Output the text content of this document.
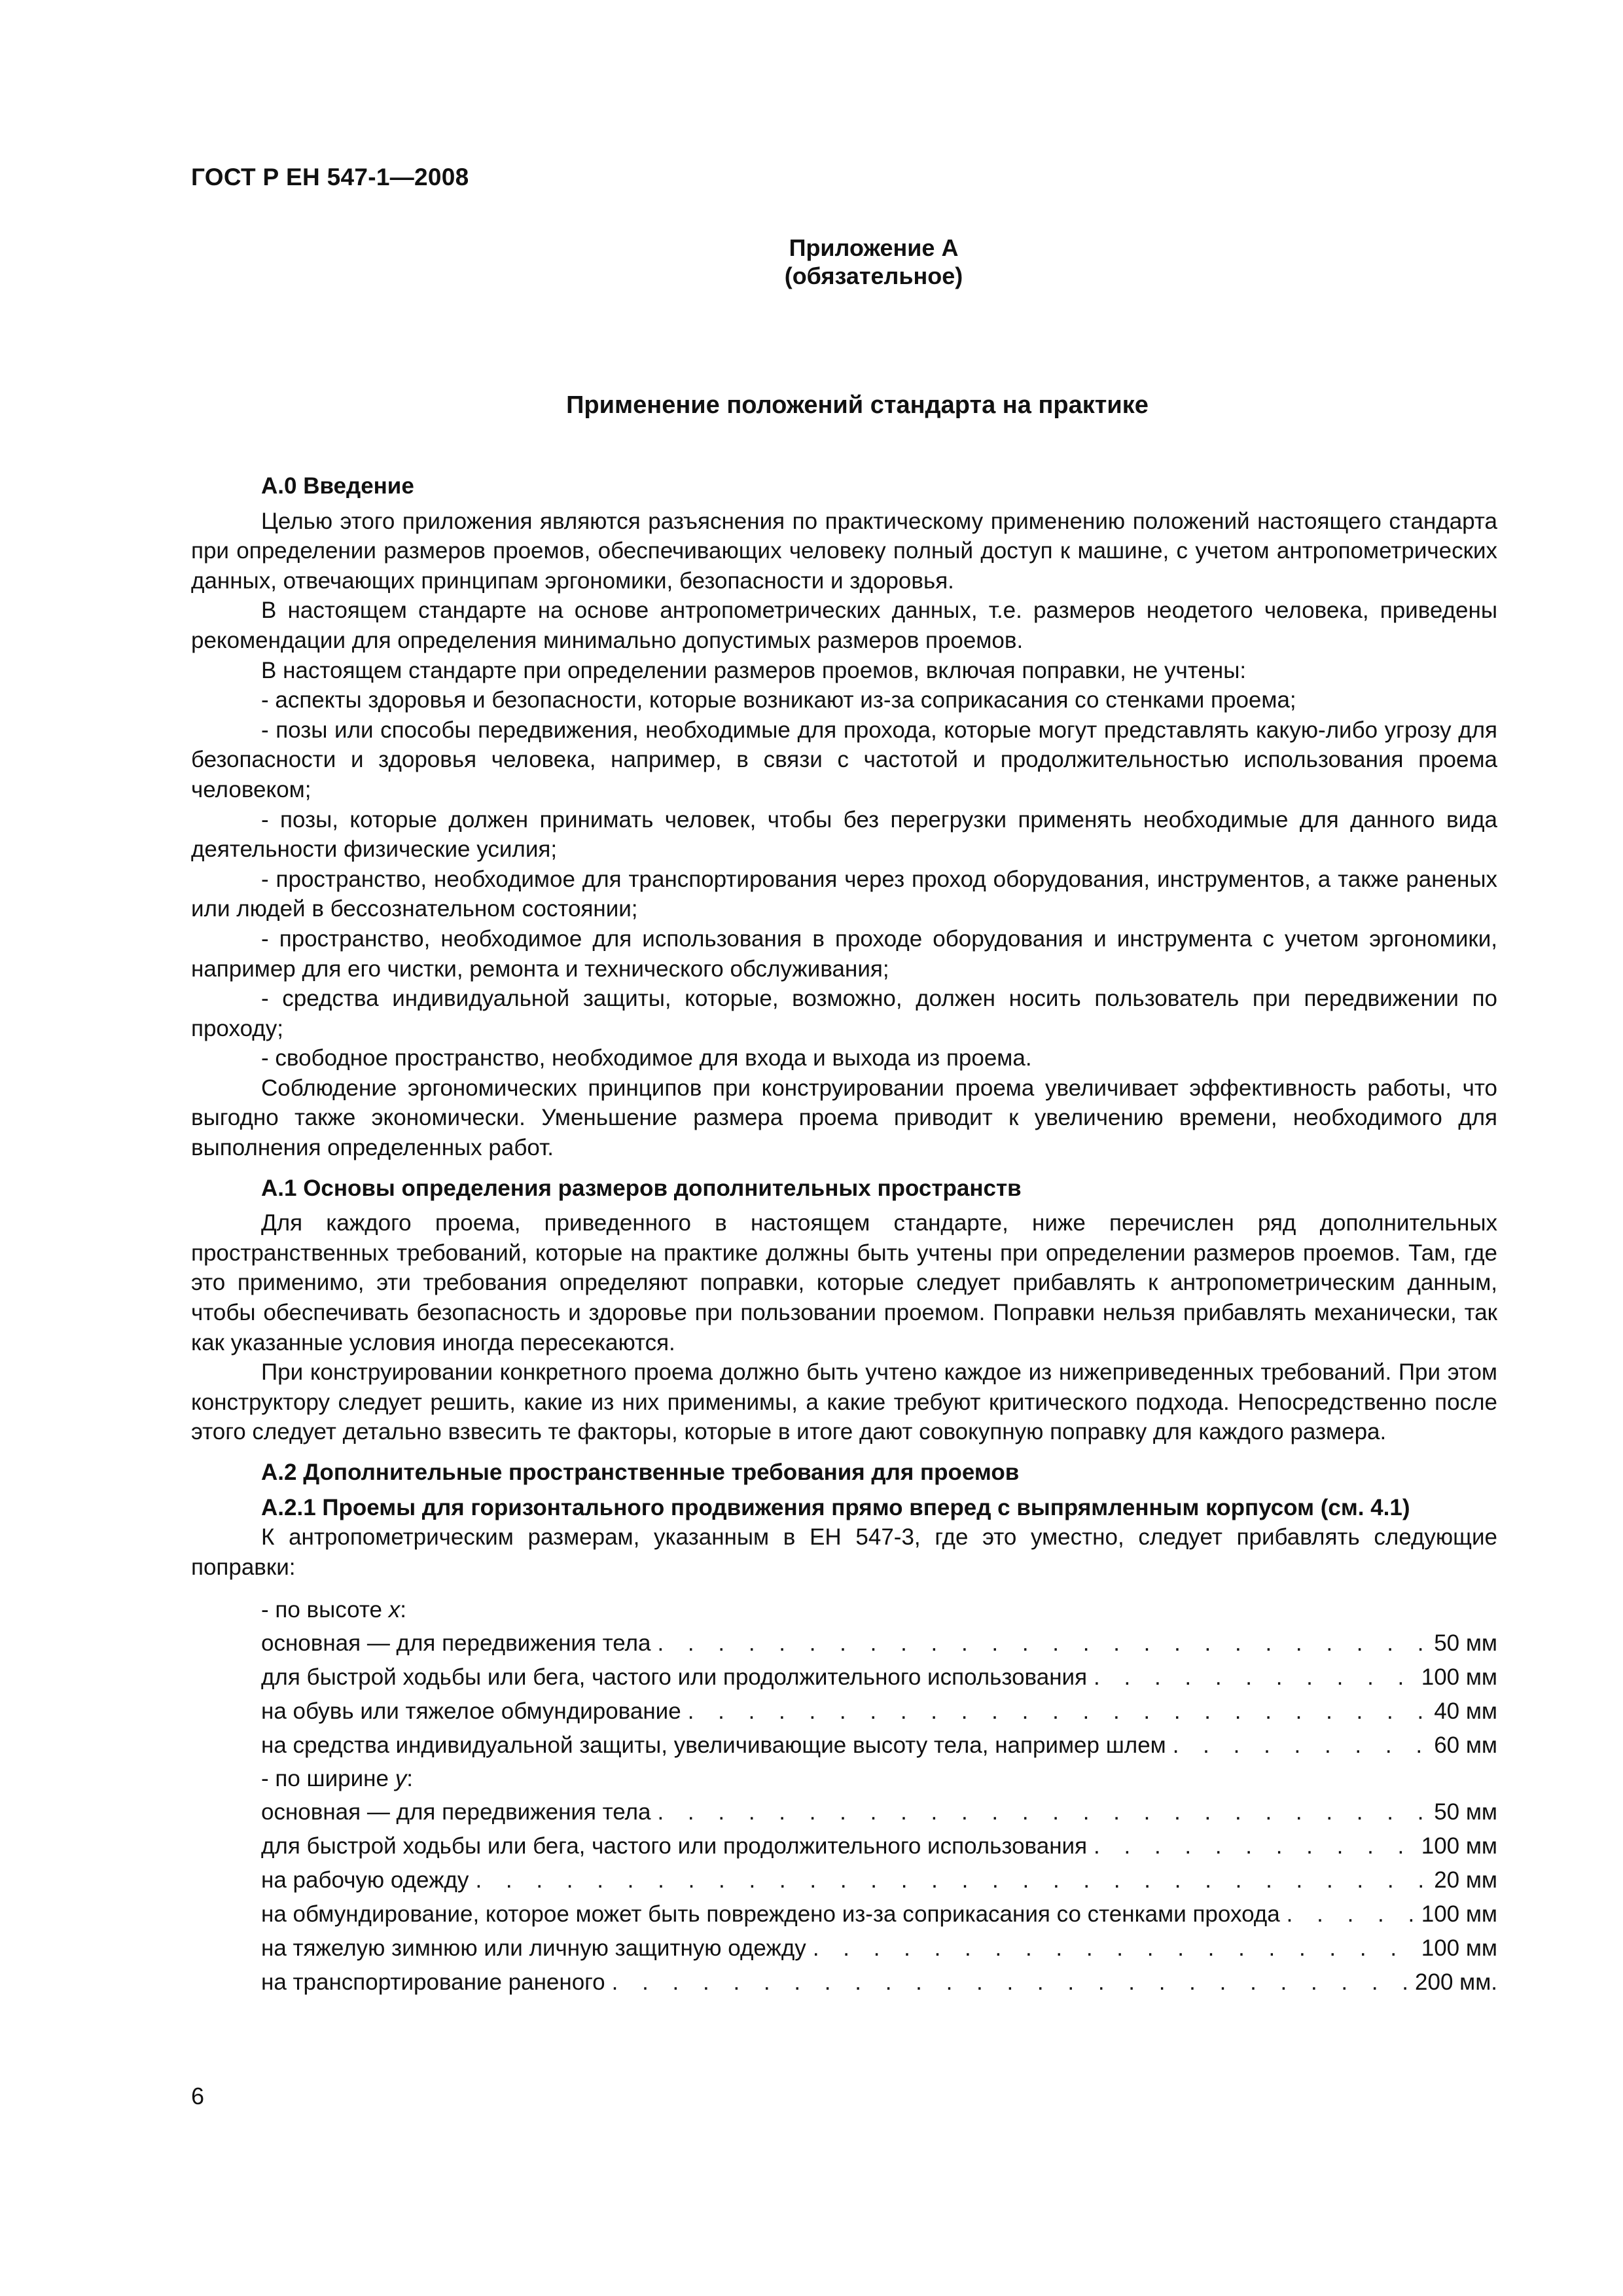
ГОСТ Р ЕН 547-1—2008
Приложение А
(обязательное)
Применение положений стандарта на практике
А.0 Введение

Целью этого приложения являются разъяснения по практическому применению положений настоящего стандарта при определении размеров проемов, обеспечивающих человеку полный доступ к машине, с учетом антропометрических данных, отвечающих принципам эргономики, безопасности и здоровья.

В настоящем стандарте на основе антропометрических данных, т.е. размеров неодетого человека, приведены рекомендации для определения минимально допустимых размеров проемов.

В настоящем стандарте при определении размеров проемов, включая поправки, не учтены:

- аспекты здоровья и безопасности, которые возникают из-за соприкасания со стенками проема;
- позы или способы передвижения, необходимые для прохода, которые могут представлять какую-либо угрозу для безопасности и здоровья человека, например, в связи с частотой и продолжительностью использования проема человеком;
- позы, которые должен принимать человек, чтобы без перегрузки применять необходимые для данного вида деятельности физические усилия;
- пространство, необходимое для транспортирования через проход оборудования, инструментов, а также раненых или людей в бессознательном состоянии;
- пространство, необходимое для использования в проходе оборудования и инструмента с учетом эргономики, например для его чистки, ремонта и технического обслуживания;
- средства индивидуальной защиты, которые, возможно, должен носить пользователь при передвижении по проходу;
- свободное пространство, необходимое для входа и выхода из проема.

Соблюдение эргономических принципов при конструировании проема увеличивает эффективность работы, что выгодно также экономически. Уменьшение размера проема приводит к увеличению времени, необходимого для выполнения определенных работ.

А.1 Основы определения размеров дополнительных пространств

Для каждого проема, приведенного в настоящем стандарте, ниже перечислен ряд дополнительных пространственных требований, которые на практике должны быть учтены при определении размеров проемов. Там, где это применимо, эти требования определяют поправки, которые следует прибавлять к антропометрическим данным, чтобы обеспечивать безопасность и здоровье при пользовании проемом. Поправки нельзя прибавлять механически, так как указанные условия иногда пересекаются.

При конструировании конкретного проема должно быть учтено каждое из нижеприведенных требований. При этом конструктору следует решить, какие из них применимы, а какие требуют критического подхода. Непосредственно после этого следует детально взвесить те факторы, которые в итоге дают совокупную поправку для каждого размера.

А.2 Дополнительные пространственные требования для проемов
А.2.1 Проемы для горизонтального продвижения прямо вперед с выпрямленным корпусом (см. 4.1)

К антропометрическим размерам, указанным в ЕН 547-3, где это уместно, следует прибавлять следующие поправки:

- по высоте x:
основная — для передвижения тела . . .	50 мм
для быстрой ходьбы или бега, частого или продолжительного использования . . .	100 мм
на обувь или тяжелое обмундирование . . .	40 мм
на средства индивидуальной защиты, увеличивающие высоту тела, например шлем . . .	60 мм
- по ширине y:
основная — для передвижения тела . . .	50 мм
для быстрой ходьбы или бега, частого или продолжительного использования . . .	100 мм
на рабочую одежду . . .	20 мм
на обмундирование, которое может быть повреждено из-за соприкасания со стенками прохода . . .	100 мм
на тяжелую зимнюю или личную защитную одежду . . .	100 мм
на транспортирование раненого . . .	200 мм.
6
